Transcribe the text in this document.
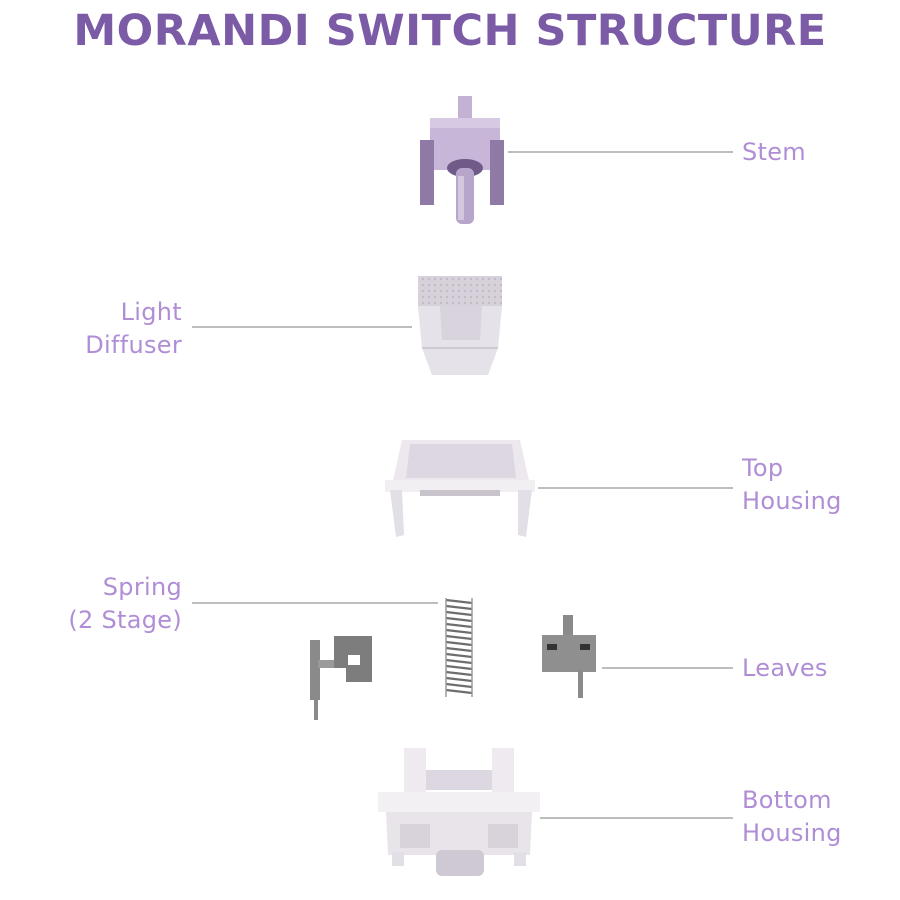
MORANDI SWITCH STRUCTURE
Stem
Light
Diffuser
Top
Housing
Spring
(2 Stage)
Leaves
Bottom
Housing
